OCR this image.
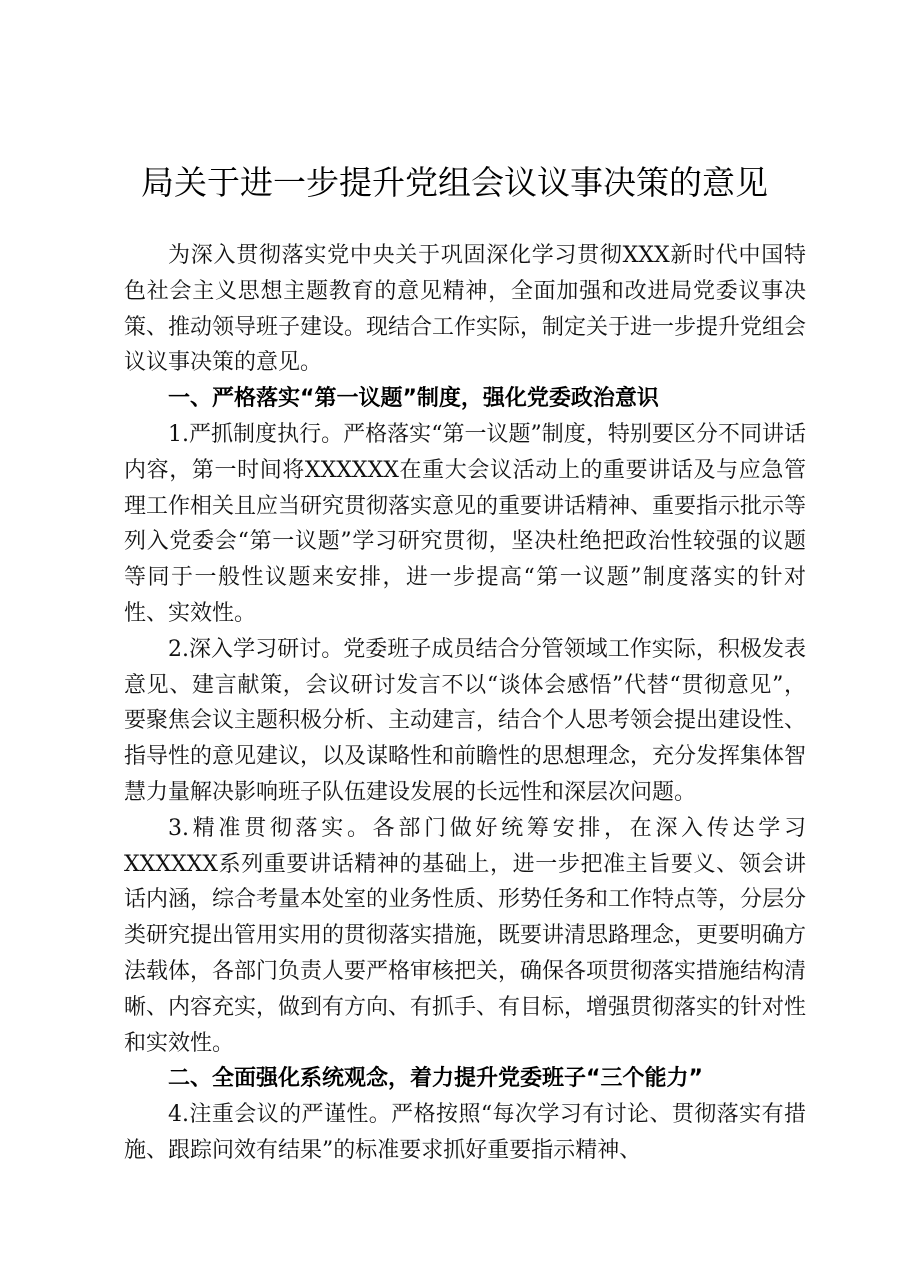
局关于进一步提升党组会议议事决策的意见

为深入贯彻落实党中央关于巩固深化学习贯彻XXX新时代中国特色社会主义思想主题教育的意见精神，全面加强和改进局党委议事决策、推动领导班子建设。现结合工作实际，制定关于进一步提升党组会议议事决策的意见。

一、严格落实“第一议题”制度，强化党委政治意识

1.严抓制度执行。严格落实“第一议题”制度，特别要区分不同讲话内容，第一时间将XXXXXX在重大会议活动上的重要讲话及与应急管理工作相关且应当研究贯彻落实意见的重要讲话精神、重要指示批示等列入党委会“第一议题”学习研究贯彻，坚决杜绝把政治性较强的议题等同于一般性议题来安排，进一步提高“第一议题”制度落实的针对性、实效性。

2.深入学习研讨。党委班子成员结合分管领域工作实际，积极发表意见、建言献策，会议研讨发言不以“谈体会感悟”代替“贯彻意见”，要聚焦会议主题积极分析、主动建言，结合个人思考领会提出建设性、指导性的意见建议，以及谋略性和前瞻性的思想理念，充分发挥集体智慧力量解决影响班子队伍建设发展的长远性和深层次问题。

3.精准贯彻落实。各部门做好统筹安排，在深入传达学习XXXXXX系列重要讲话精神的基础上，进一步把准主旨要义、领会讲话内涵，综合考量本处室的业务性质、形势任务和工作特点等，分层分类研究提出管用实用的贯彻落实措施，既要讲清思路理念，更要明确方法载体，各部门负责人要严格审核把关，确保各项贯彻落实措施结构清晰、内容充实，做到有方向、有抓手、有目标，增强贯彻落实的针对性和实效性。

二、全面强化系统观念，着力提升党委班子“三个能力”

4.注重会议的严谨性。严格按照“每次学习有讨论、贯彻落实有措施、跟踪问效有结果”的标准要求抓好重要指示精神、
